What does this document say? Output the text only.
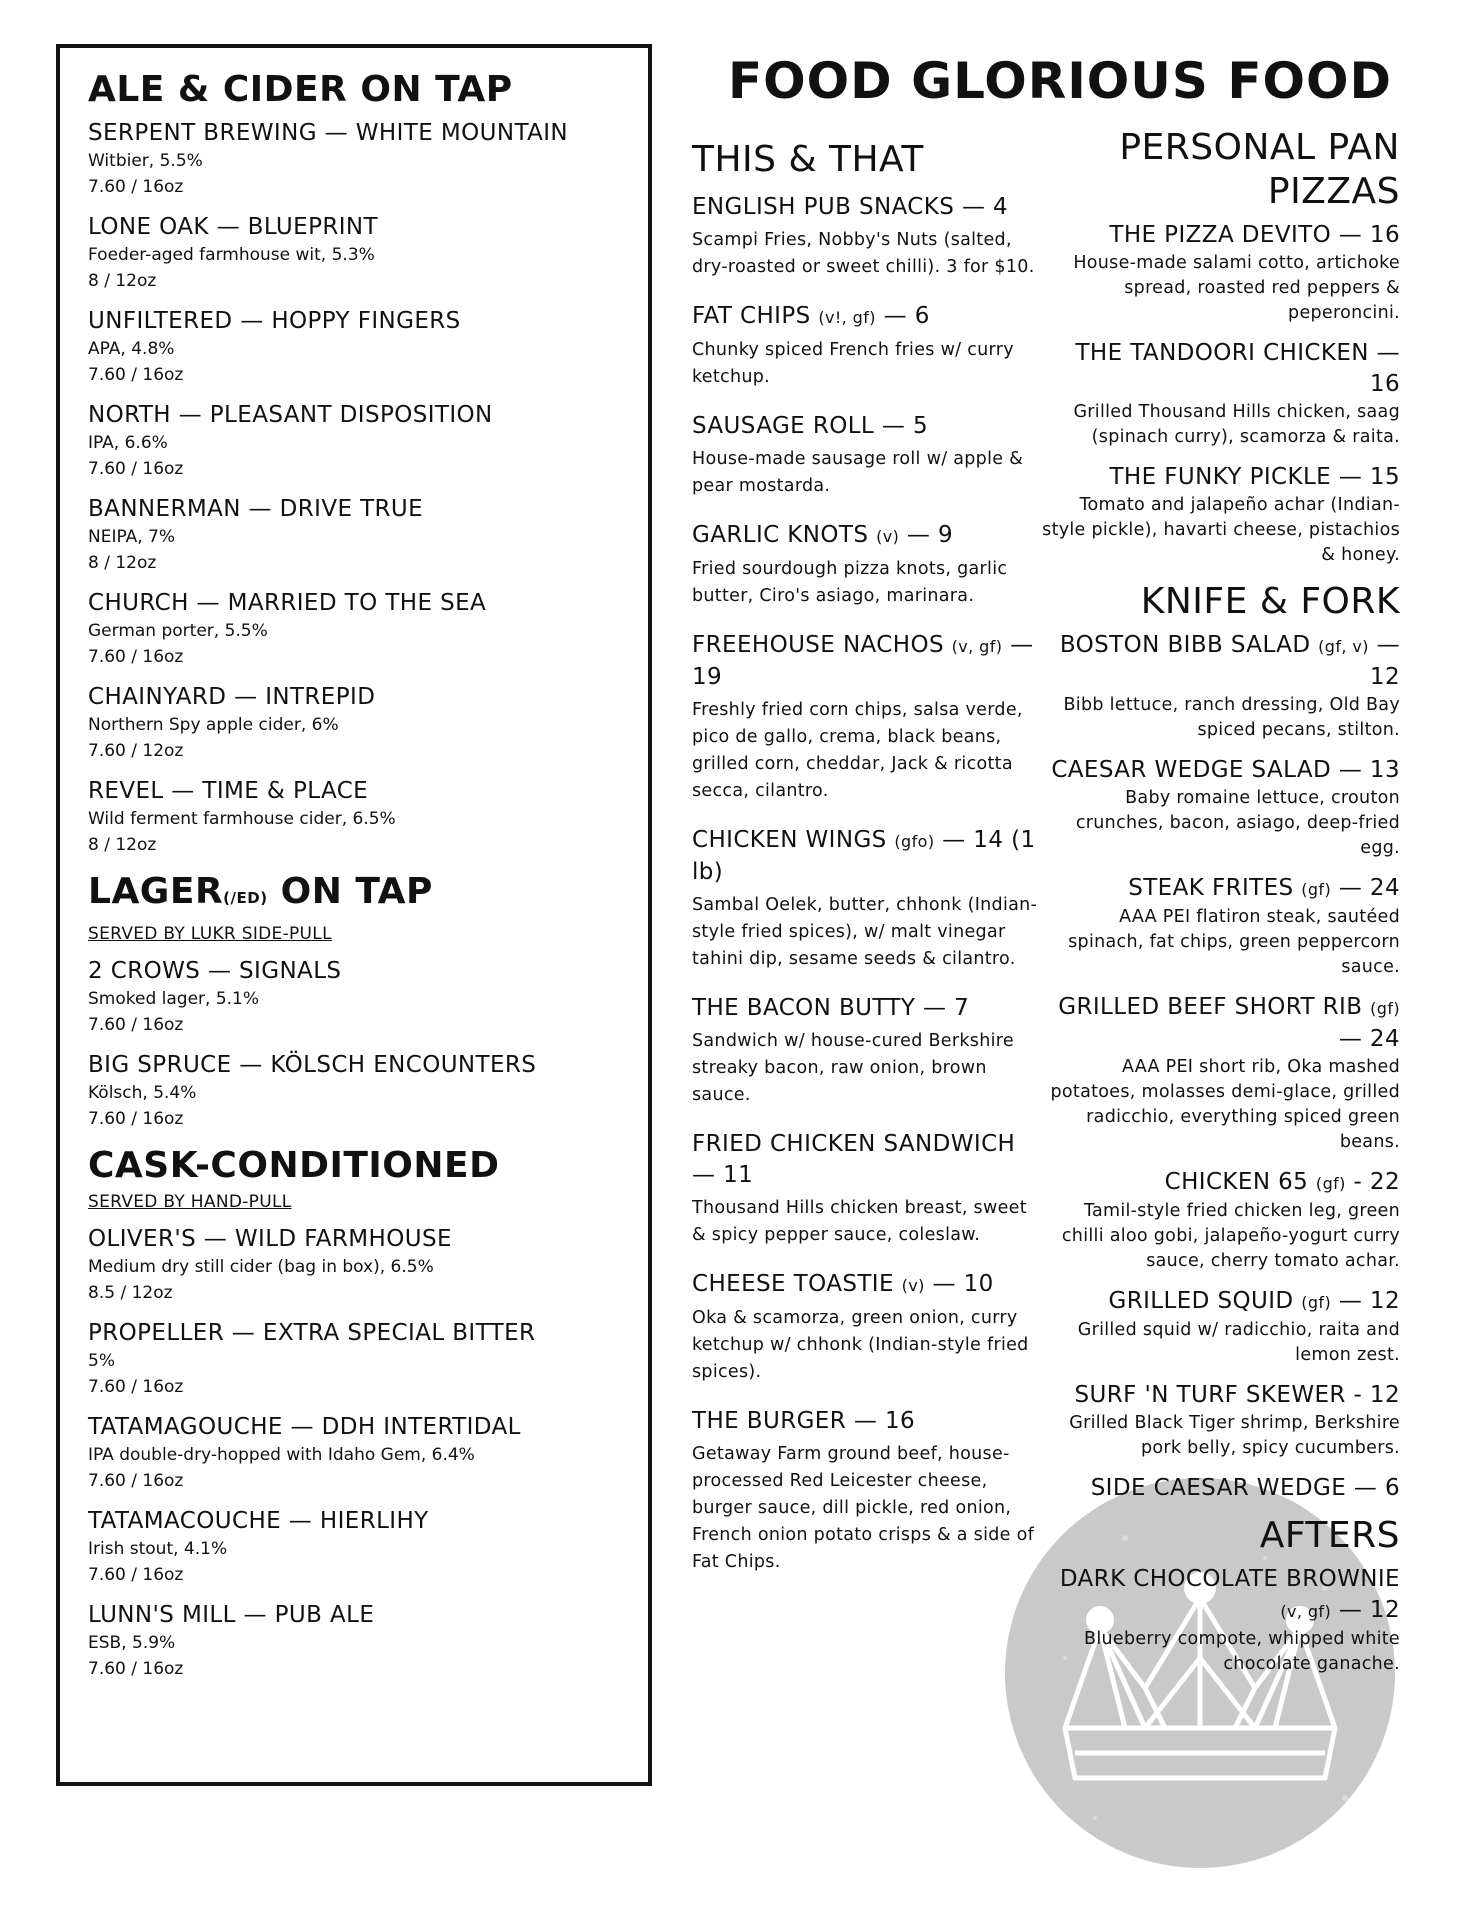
ALE & CIDER ON TAP
SERPENT BREWING — WHITE MOUNTAIN
Witbier, 5.5%
7.60 / 16oz
LONE OAK — BLUEPRINT
Foeder-aged farmhouse wit, 5.3%
8 / 12oz
UNFILTERED — HOPPY FINGERS
APA, 4.8%
7.60 / 16oz
NORTH — PLEASANT DISPOSITION
IPA, 6.6%
7.60 / 16oz
BANNERMAN — DRIVE TRUE
NEIPA, 7%
8 / 12oz
CHURCH — MARRIED TO THE SEA
German porter, 5.5%
7.60 / 16oz
CHAINYARD — INTREPID
Northern Spy apple cider, 6%
7.60 / 12oz
REVEL — TIME & PLACE
Wild ferment farmhouse cider, 6.5%
8 / 12oz
LAGER(/ED) ON TAP
SERVED BY LUKR SIDE-PULL
2 CROWS — SIGNALS
Smoked lager, 5.1%
7.60 / 16oz
BIG SPRUCE — KÖLSCH ENCOUNTERS
Kölsch, 5.4%
7.60 / 16oz
CASK-CONDITIONED
SERVED BY HAND-PULL
OLIVER'S — WILD FARMHOUSE
Medium dry still cider (bag in box), 6.5%
8.5 / 12oz
PROPELLER — EXTRA SPECIAL BITTER
5%
7.60 / 16oz
TATAMAGOUCHE — DDH INTERTIDAL
IPA double-dry-hopped with Idaho Gem, 6.4%
7.60 / 16oz
TATAMACOUCHE — HIERLIHY
Irish stout, 4.1%
7.60 / 16oz
LUNN'S MILL — PUB ALE
ESB, 5.9%
7.60 / 16oz
FOOD GLORIOUS FOOD
THIS & THAT
ENGLISH PUB SNACKS — 4
Scampi Fries, Nobby's Nuts (salted, dry-roasted or sweet chilli). 3 for $10.
FAT CHIPS (v!, gf) — 6
Chunky spiced French fries w/ curry ketchup.
SAUSAGE ROLL — 5
House-made sausage roll w/ apple & pear mostarda.
GARLIC KNOTS (v) — 9
Fried sourdough pizza knots, garlic butter, Ciro's asiago, marinara.
FREEHOUSE NACHOS (v, gf) — 19
Freshly fried corn chips, salsa verde, pico de gallo, crema, black beans, grilled corn, cheddar, Jack & ricotta secca, cilantro.
CHICKEN WINGS (gfo) — 14 (1 lb)
Sambal Oelek, butter, chhonk (Indian-style fried spices), w/ malt vinegar tahini dip, sesame seeds & cilantro.
THE BACON BUTTY — 7
Sandwich w/ house-cured Berkshire streaky bacon, raw onion, brown sauce.
FRIED CHICKEN SANDWICH — 11
Thousand Hills chicken breast, sweet & spicy pepper sauce, coleslaw.
CHEESE TOASTIE (v) — 10
Oka & scamorza, green onion, curry ketchup w/ chhonk (Indian-style fried spices).
THE BURGER — 16
Getaway Farm ground beef, house-processed Red Leicester cheese, burger sauce, dill pickle, red onion, French onion potato crisps & a side of Fat Chips.
PERSONAL PAN PIZZAS
THE PIZZA DEVITO — 16
House-made salami cotto, artichoke spread, roasted red peppers & peperoncini.
THE TANDOORI CHICKEN — 16
Grilled Thousand Hills chicken, saag (spinach curry), scamorza & raita.
THE FUNKY PICKLE — 15
Tomato and jalapeño achar (Indian-style pickle), havarti cheese, pistachios & honey.
KNIFE & FORK
BOSTON BIBB SALAD (gf, v) — 12
Bibb lettuce, ranch dressing, Old Bay spiced pecans, stilton.
CAESAR WEDGE SALAD — 13
Baby romaine lettuce, crouton crunches, bacon, asiago, deep-fried egg.
STEAK FRITES (gf) — 24
AAA PEI flatiron steak, sautéed spinach, fat chips, green peppercorn sauce.
GRILLED BEEF SHORT RIB (gf) — 24
AAA PEI short rib, Oka mashed potatoes, molasses demi-glace, grilled radicchio, everything spiced green beans.
CHICKEN 65 (gf) - 22
Tamil-style fried chicken leg, green chilli aloo gobi, jalapeño-yogurt curry sauce, cherry tomato achar.
GRILLED SQUID (gf) — 12
Grilled squid w/ radicchio, raita and lemon zest.
SURF 'N TURF SKEWER - 12
Grilled Black Tiger shrimp, Berkshire pork belly, spicy cucumbers.
SIDE CAESAR WEDGE — 6
AFTERS
DARK CHOCOLATE BROWNIE (v, gf) — 12
Blueberry compote, whipped white chocolate ganache.
